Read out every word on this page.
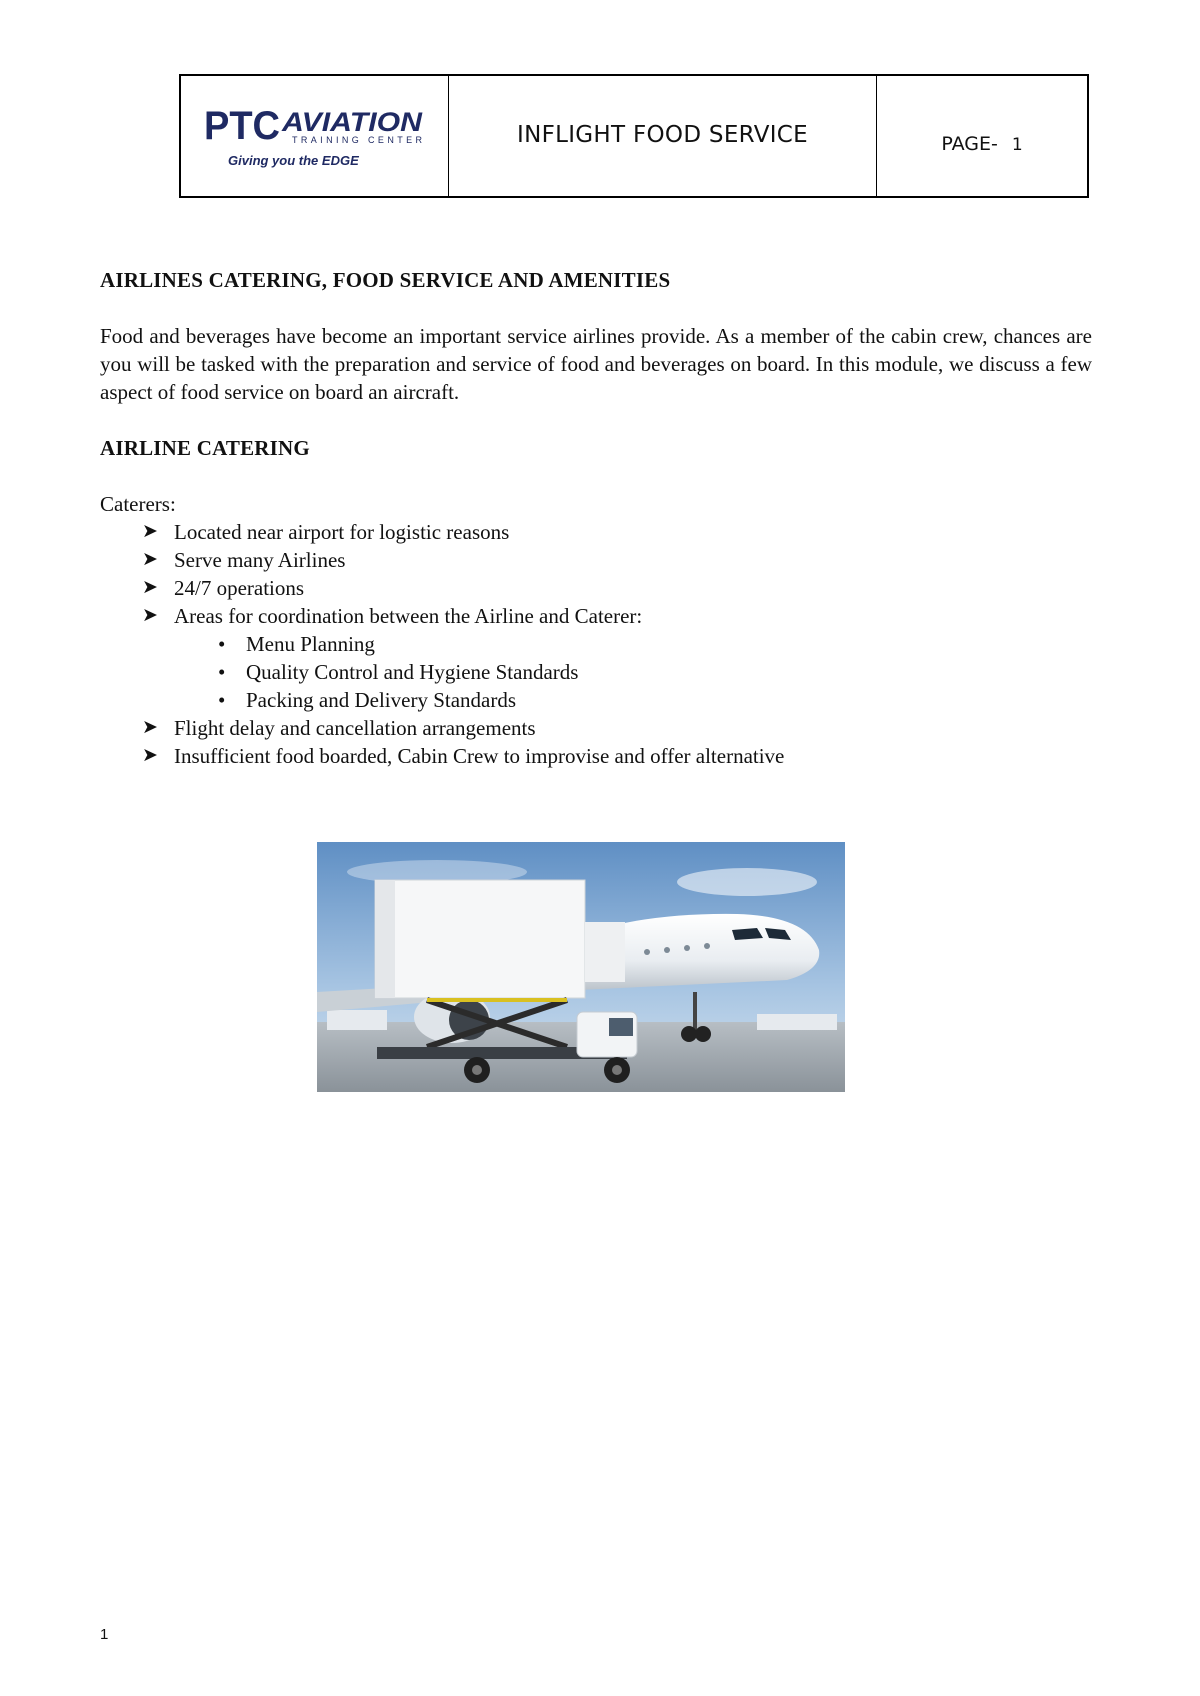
PTC AVIATION
TRAINING CENTER
Giving you the EDGE
INFLIGHT FOOD SERVICE	PAGE- 1
AIRLINES CATERING, FOOD SERVICE AND AMENITIES
Food and beverages have become an important service airlines provide. As a member of the cabin crew, chances are you will be tasked with the preparation and service of food and beverages on board. In this module, we discuss a few aspect of food service on board an aircraft.
AIRLINE CATERING
Caterers:
➤ Located near airport for logistic reasons
➤ Serve many Airlines
➤ 24/7 operations
➤ Areas for coordination between the Airline and Caterer:
• Menu Planning
• Quality Control and Hygiene Standards
• Packing and Delivery Standards
➤ Flight delay and cancellation arrangements
➤ Insufficient food boarded, Cabin Crew to improvise and offer alternative
1
